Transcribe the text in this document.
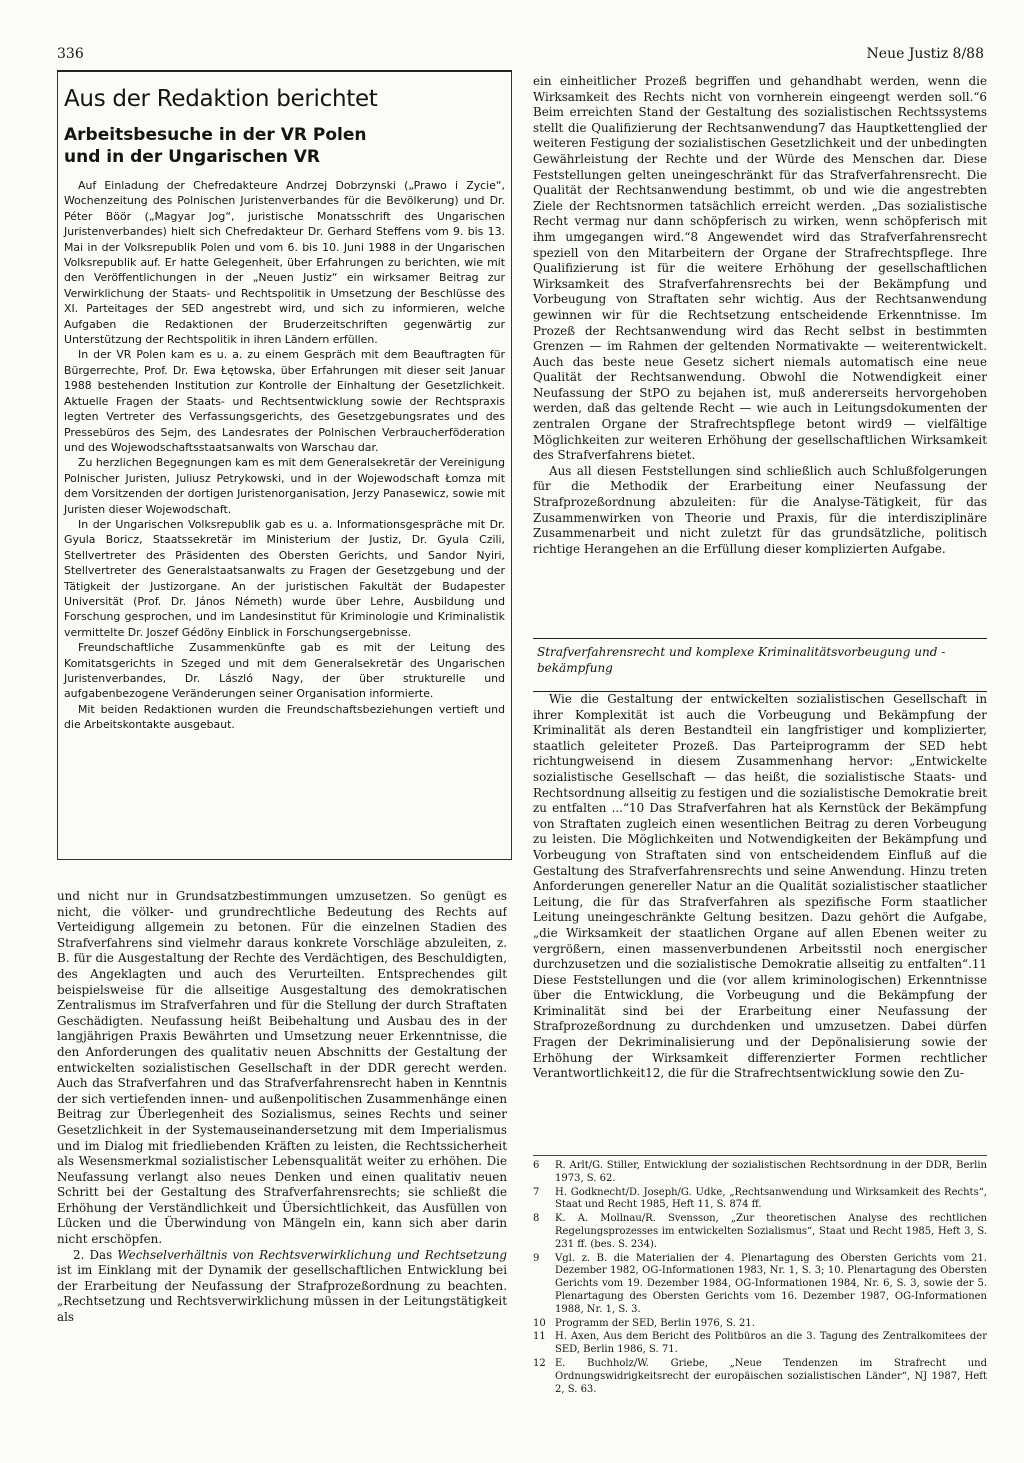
336	Neue Justiz 8/88
Aus der Redaktion berichtet
Arbeitsbesuche in der VR Polen
und in der Ungarischen VR

Auf Einladung der Chefredakteure Andrzej Dobrzynski („Prawo i Zycie“, Wochenzeitung des Polnischen Juristenverbandes für die Bevölkerung) und Dr. Péter Böör („Magyar Jog“, juristische Monatsschrift des Ungarischen Juristenverbandes) hielt sich Chefredakteur Dr. Gerhard Steffens vom 9. bis 13. Mai in der Volksrepublik Polen und vom 6. bis 10. Juni 1988 in der Ungarischen Volksrepublik auf. Er hatte Gelegenheit, über Erfahrungen zu berichten, wie mit den Veröffentlichungen in der „Neuen Justiz“ ein wirksamer Beitrag zur Verwirklichung der Staats- und Rechtspolitik in Umsetzung der Beschlüsse des XI. Parteitages der SED angestrebt wird, und sich zu informieren, welche Aufgaben die Redaktionen der Bruderzeitschriften gegenwärtig zur Unterstützung der Rechtspolitik in ihren Ländern erfüllen.

In der VR Polen kam es u. a. zu einem Gespräch mit dem Beauftragten für Bürgerrechte, Prof. Dr. Ewa Łętowska, über Erfahrungen mit dieser seit Januar 1988 bestehenden Institution zur Kontrolle der Einhaltung der Gesetzlichkeit. Aktuelle Fragen der Staats- und Rechtsentwicklung sowie der Rechtspraxis legten Vertreter des Verfassungsgerichts, des Gesetzgebungsrates und des Pressebüros des Sejm, des Landesrates der Polnischen Verbraucherföderation und des Wojewodschaftsstaatsanwalts von Warschau dar.

Zu herzlichen Begegnungen kam es mit dem Generalsekretär der Vereinigung Polnischer Juristen, Juliusz Petrykowski, und in der Wojewodschaft Łomza mit dem Vorsitzenden der dortigen Juristenorganisation, Jerzy Panasewicz, sowie mit Juristen dieser Wojewodschaft.

In der Ungarischen Volksrepublik gab es u. a. Informationsgespräche mit Dr. Gyula Boricz, Staatssekretär im Ministerium der Justiz, Dr. Gyula Czili, Stellvertreter des Präsidenten des Obersten Gerichts, und Sandor Nyiri, Stellvertreter des Generalstaatsanwalts zu Fragen der Gesetzgebung und der Tätigkeit der Justizorgane. An der juristischen Fakultät der Budapester Universität (Prof. Dr. János Németh) wurde über Lehre, Ausbildung und Forschung gesprochen, und im Landesinstitut für Kriminologie und Kriminalistik vermittelte Dr. Joszef Gédöny Einblick in Forschungsergebnisse.

Freundschaftliche Zusammenkünfte gab es mit der Leitung des Komitatsgerichts in Szeged und mit dem Generalsekretär des Ungarischen Juristenverbandes, Dr. László Nagy, der über strukturelle und aufgabenbezogene Veränderungen seiner Organisation informierte.

Mit beiden Redaktionen wurden die Freundschaftsbeziehungen vertieft und die Arbeitskontakte ausgebaut.

und nicht nur in Grundsatzbestimmungen umzusetzen. So genügt es nicht, die völker- und grundrechtliche Bedeutung des Rechts auf Verteidigung allgemein zu betonen. Für die einzelnen Stadien des Strafverfahrens sind vielmehr daraus konkrete Vorschläge abzuleiten, z. B. für die Ausgestaltung der Rechte des Verdächtigen, des Beschuldigten, des Angeklagten und auch des Verurteilten. Entsprechendes gilt beispielsweise für die allseitige Ausgestaltung des demokratischen Zentralismus im Strafverfahren und für die Stellung der durch Straftaten Geschädigten. Neufassung heißt Beibehaltung und Ausbau des in der langjährigen Praxis Bewährten und Umsetzung neuer Erkenntnisse, die den Anforderungen des qualitativ neuen Abschnitts der Gestaltung der entwickelten sozialistischen Gesellschaft in der DDR gerecht werden. Auch das Strafverfahren und das Strafverfahrensrecht haben in Kenntnis der sich vertiefenden innen- und außenpolitischen Zusammenhänge einen Beitrag zur Überlegenheit des Sozialismus, seines Rechts und seiner Gesetzlichkeit in der Systemauseinandersetzung mit dem Imperialismus und im Dialog mit friedliebenden Kräften zu leisten, die Rechtssicherheit als Wesensmerkmal sozialistischer Lebensqualität weiter zu erhöhen. Die Neufassung verlangt also neues Denken und einen qualitativ neuen Schritt bei der Gestaltung des Strafverfahrensrechts; sie schließt die Erhöhung der Verständlichkeit und Übersichtlichkeit, das Ausfüllen von Lücken und die Überwindung von Mängeln ein, kann sich aber darin nicht erschöpfen.

2. Das Wechselverhältnis von Rechtsverwirklichung und Rechtsetzung ist im Einklang mit der Dynamik der gesellschaftlichen Entwicklung bei der Erarbeitung der Neufassung der Strafprozeßordnung zu beachten. „Rechtsetzung und Rechtsverwirklichung müssen in der Leitungstätigkeit als

ein einheitlicher Prozeß begriffen und gehandhabt werden, wenn die Wirksamkeit des Rechts nicht von vornherein eingeengt werden soll.“6 Beim erreichten Stand der Gestaltung des sozialistischen Rechtssystems stellt die Qualifizierung der Rechtsanwendung7 das Hauptkettenglied der weiteren Festigung der sozialistischen Gesetzlichkeit und der unbedingten Gewährleistung der Rechte und der Würde des Menschen dar. Diese Feststellungen gelten uneingeschränkt für das Strafverfahrensrecht. Die Qualität der Rechtsanwendung bestimmt, ob und wie die angestrebten Ziele der Rechtsnormen tatsächlich erreicht werden. „Das sozialistische Recht vermag nur dann schöpferisch zu wirken, wenn schöpferisch mit ihm umgegangen wird.“8 Angewendet wird das Strafverfahrensrecht speziell von den Mitarbeitern der Organe der Strafrechtspflege. Ihre Qualifizierung ist für die weitere Erhöhung der gesellschaftlichen Wirksamkeit des Strafverfahrensrechts bei der Bekämpfung und Vorbeugung von Straftaten sehr wichtig. Aus der Rechtsanwendung gewinnen wir für die Rechtsetzung entscheidende Erkenntnisse. Im Prozeß der Rechtsanwendung wird das Recht selbst in bestimmten Grenzen — im Rahmen der geltenden Normativakte — weiterentwickelt. Auch das beste neue Gesetz sichert niemals automatisch eine neue Qualität der Rechtsanwendung. Obwohl die Notwendigkeit einer Neufassung der StPO zu bejahen ist, muß andererseits hervorgehoben werden, daß das geltende Recht — wie auch in Leitungsdokumenten der zentralen Organe der Strafrechtspflege betont wird9 — vielfältige Möglichkeiten zur weiteren Erhöhung der gesellschaftlichen Wirksamkeit des Strafverfahrens bietet.

Aus all diesen Feststellungen sind schließlich auch Schlußfolgerungen für die Methodik der Erarbeitung einer Neufassung der Strafprozeßordnung abzuleiten: für die Analyse-Tätigkeit, für das Zusammenwirken von Theorie und Praxis, für die interdisziplinäre Zusammenarbeit und nicht zuletzt für das grundsätzliche, politisch richtige Herangehen an die Erfüllung dieser komplizierten Aufgabe.

Strafverfahrensrecht und komplexe Kriminalitätsvorbeugung und -bekämpfung

Wie die Gestaltung der entwickelten sozialistischen Gesellschaft in ihrer Komplexität ist auch die Vorbeugung und Bekämpfung der Kriminalität als deren Bestandteil ein langfristiger und komplizierter, staatlich geleiteter Prozeß. Das Parteiprogramm der SED hebt richtungweisend in diesem Zusammenhang hervor: „Entwickelte sozialistische Gesellschaft — das heißt, die sozialistische Staats- und Rechtsordnung allseitig zu festigen und die sozialistische Demokratie breit zu entfalten ...“10 Das Strafverfahren hat als Kernstück der Bekämpfung von Straftaten zugleich einen wesentlichen Beitrag zu deren Vorbeugung zu leisten. Die Möglichkeiten und Notwendigkeiten der Bekämpfung und Vorbeugung von Straftaten sind von entscheidendem Einfluß auf die Gestaltung des Strafverfahrensrechts und seine Anwendung. Hinzu treten Anforderungen genereller Natur an die Qualität sozialistischer staatlicher Leitung, die für das Strafverfahren als spezifische Form staatlicher Leitung uneingeschränkte Geltung besitzen. Dazu gehört die Aufgabe, „die Wirksamkeit der staatlichen Organe auf allen Ebenen weiter zu vergrößern, einen massenverbundenen Arbeitsstil noch energischer durchzusetzen und die sozialistische Demokratie allseitig zu entfalten“.11 Diese Feststellungen und die (vor allem kriminologischen) Erkenntnisse über die Entwicklung, die Vorbeugung und die Bekämpfung der Kriminalität sind bei der Erarbeitung einer Neufassung der Strafprozeßordnung zu durchdenken und umzusetzen. Dabei dürfen Fragen der Dekriminalisierung und der Depönalisierung sowie der Erhöhung der Wirksamkeit differenzierter Formen rechtlicher Verantwortlichkeit12, die für die Strafrechtsentwicklung sowie den Zu-

6	R. Arlt/G. Stiller, Entwicklung der sozialistischen Rechtsordnung in der DDR, Berlin 1973, S. 62.
7	H. Godknecht/D. Joseph/G. Udke, „Rechtsanwendung und Wirksamkeit des Rechts“, Staat und Recht 1985, Heft 11, S. 874 ff.
8	K. A. Mollnau/R. Svensson, „Zur theoretischen Analyse des rechtlichen Regelungsprozesses im entwickelten Sozialismus“, Staat und Recht 1985, Heft 3, S. 231 ff. (bes. S. 234).
9	Vgl. z. B. die Materialien der 4. Plenartagung des Obersten Gerichts vom 21. Dezember 1982, OG-Informationen 1983, Nr. 1, S. 3; 10. Plenartagung des Obersten Gerichts vom 19. Dezember 1984, OG-Informationen 1984, Nr. 6, S. 3, sowie der 5. Plenartagung des Obersten Gerichts vom 16. Dezember 1987, OG-Informationen 1988, Nr. 1, S. 3.
10 Programm der SED, Berlin 1976, S. 21.
11 H. Axen, Aus dem Bericht des Politbüros an die 3. Tagung des Zentralkomitees der SED, Berlin 1986, S. 71.
12 E. Buchholz/W. Griebe, „Neue Tendenzen im Strafrecht und Ordnungswidrigkeitsrecht der europäischen sozialistischen Länder“, NJ 1987, Heft 2, S. 63.
